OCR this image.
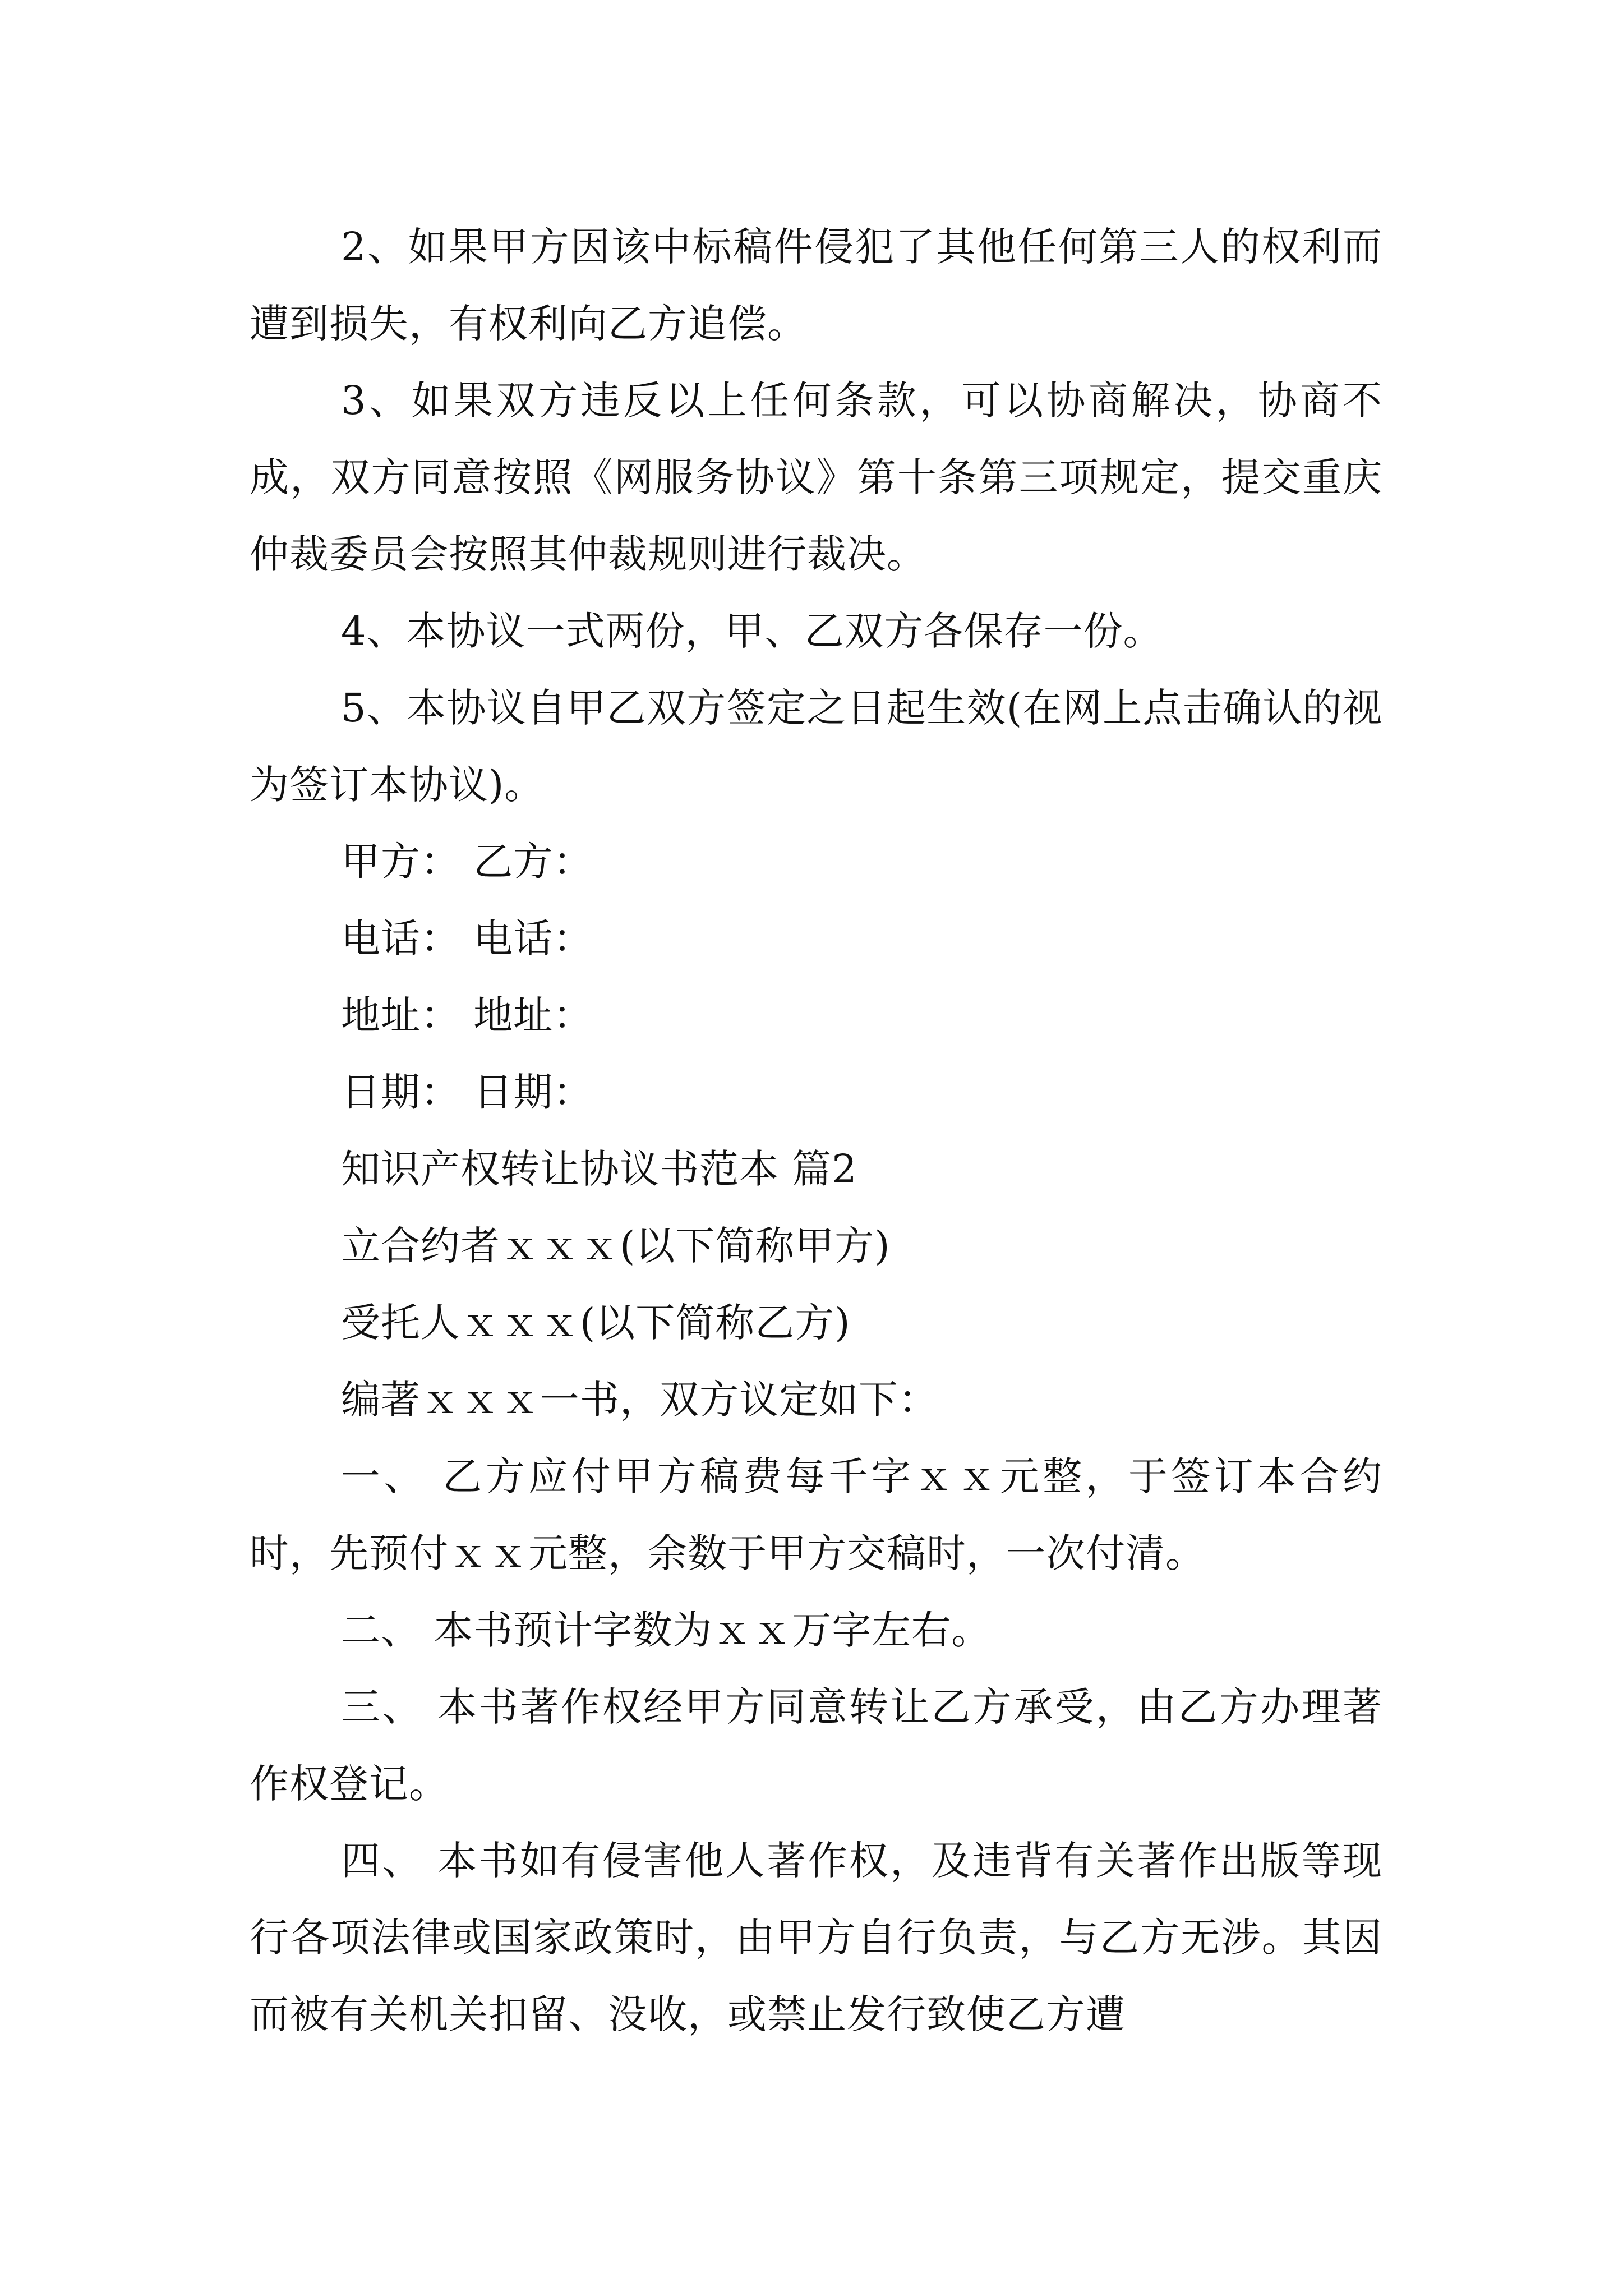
2、如果甲方因该中标稿件侵犯了其他任何第三人的权利而遭到损失，有权利向乙方追偿。

3、如果双方违反以上任何条款，可以协商解决，协商不成，双方同意按照《网服务协议》第十条第三项规定，提交重庆仲裁委员会按照其仲裁规则进行裁决。

4、本协议一式两份，甲、乙双方各保存一份。

5、本协议自甲乙双方签定之日起生效(在网上点击确认的视为签订本协议)。

甲方： 乙方：

电话： 电话：

地址： 地址：

日期： 日期：

知识产权转让协议书范本 篇2

立合约者ｘｘｘ(以下简称甲方)

受托人ｘｘｘ(以下简称乙方)

编著ｘｘｘ一书，双方议定如下：

一、 乙方应付甲方稿费每千字ｘｘ元整，于签订本合约时，先预付ｘｘ元整，余数于甲方交稿时，一次付清。

二、 本书预计字数为ｘｘ万字左右。

三、 本书著作权经甲方同意转让乙方承受，由乙方办理著作权登记。

四、 本书如有侵害他人著作权，及违背有关著作出版等现行各项法律或国家政策时，由甲方自行负责，与乙方无涉。其因而被有关机关扣留、没收，或禁止发行致使乙方遭
